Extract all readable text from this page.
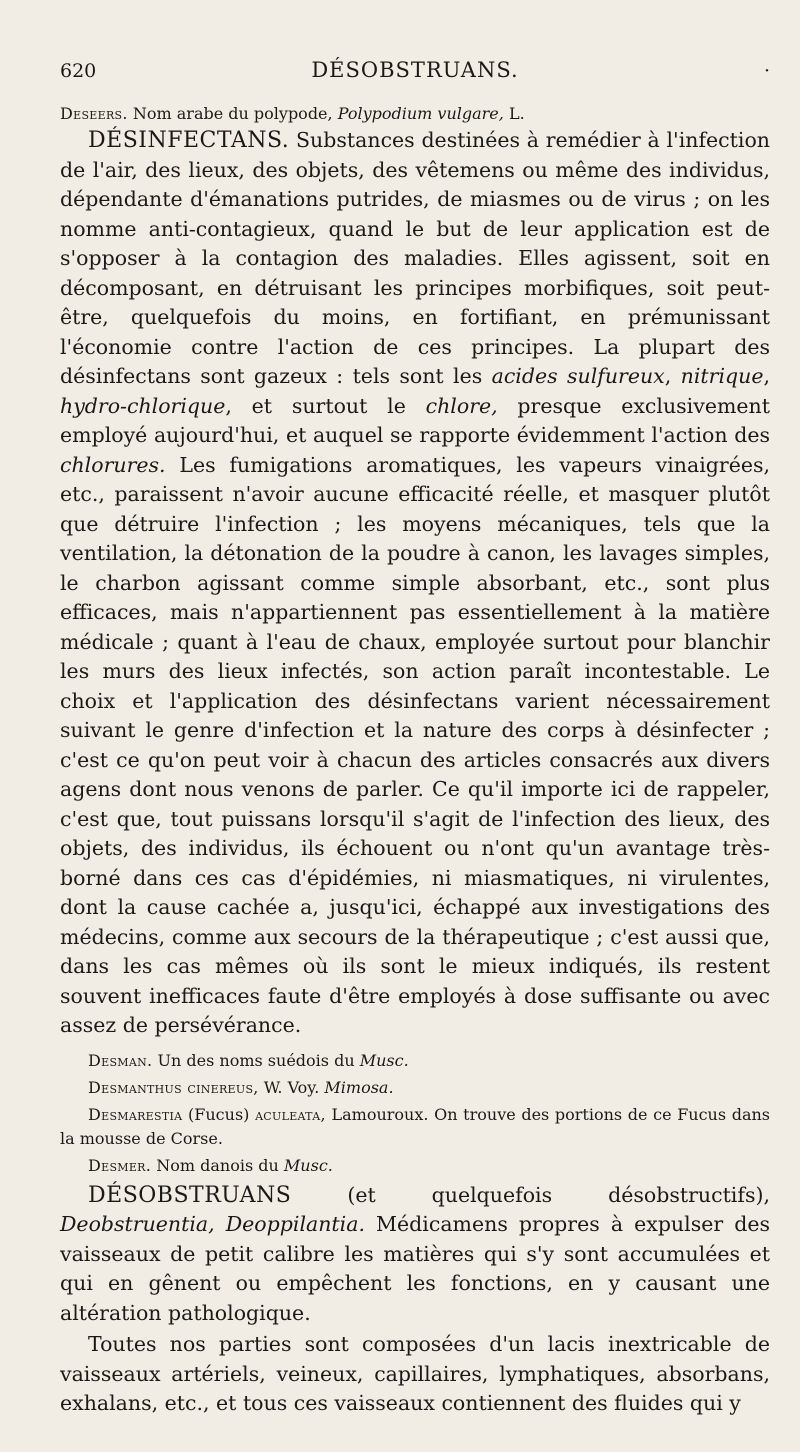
620	DÉSOBSTRUANS.	·

Deseers. Nom arabe du polypode, Polypodium vulgare, L.

DÉSINFECTANS. Substances destinées à remédier à l'infection de l'air, des lieux, des objets, des vêtemens ou même des individus, dépendante d'émanations putrides, de miasmes ou de virus ; on les nomme anti-contagieux, quand le but de leur application est de s'opposer à la contagion des maladies. Elles agissent, soit en décomposant, en détruisant les principes morbifiques, soit peut-être, quelquefois du moins, en fortifiant, en prémunissant l'économie contre l'action de ces principes. La plupart des désinfectans sont gazeux : tels sont les acides sulfureux, nitrique, hydro-chlorique, et surtout le chlore, presque exclusivement employé aujourd'hui, et auquel se rapporte évidemment l'action des chlorures. Les fumigations aromatiques, les vapeurs vinaigrées, etc., paraissent n'avoir aucune efficacité réelle, et masquer plutôt que détruire l'infection ; les moyens mécaniques, tels que la ventilation, la détonation de la poudre à canon, les lavages simples, le charbon agissant comme simple absorbant, etc., sont plus efficaces, mais n'appartiennent pas essentiellement à la matière médicale ; quant à l'eau de chaux, employée surtout pour blanchir les murs des lieux infectés, son action paraît incontestable. Le choix et l'application des désinfectans varient nécessairement suivant le genre d'infection et la nature des corps à désinfecter ; c'est ce qu'on peut voir à chacun des articles consacrés aux divers agens dont nous venons de parler. Ce qu'il importe ici de rappeler, c'est que, tout puissans lorsqu'il s'agit de l'infection des lieux, des objets, des individus, ils échouent ou n'ont qu'un avantage très-borné dans ces cas d'épidémies, ni miasmatiques, ni virulentes, dont la cause cachée a, jusqu'ici, échappé aux investigations des médecins, comme aux secours de la thérapeutique ; c'est aussi que, dans les cas mêmes où ils sont le mieux indiqués, ils restent souvent inefficaces faute d'être employés à dose suffisante ou avec assez de persévérance.

Desman. Un des noms suédois du Musc.

Desmanthus cinereus, W. Voy. Mimosa.

Desmarestia (Fucus) aculeata, Lamouroux. On trouve des portions de ce Fucus dans la mousse de Corse.

Desmer. Nom danois du Musc.

DÉSOBSTRUANS	(et quelquefois désobstructifs), Deobstruentia, Deoppilantia. Médicamens propres à expulser des vaisseaux de petit calibre les matières qui s'y sont accumulées et qui en gênent ou empêchent les fonctions, en y causant une altération pathologique.

Toutes nos parties sont composées d'un lacis inextricable de vaisseaux artériels, veineux, capillaires, lymphatiques, absorbans, exhalans, etc., et tous ces vaisseaux contiennent des fluides qui y
